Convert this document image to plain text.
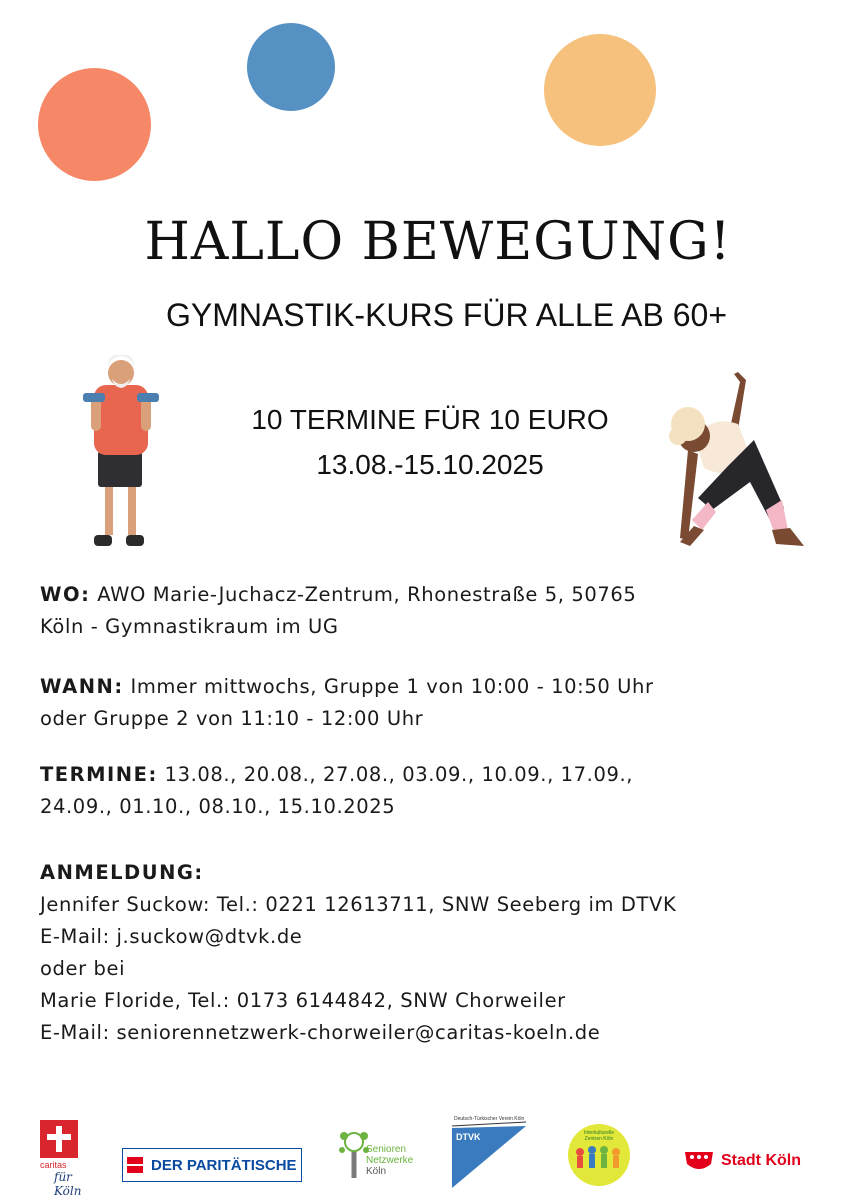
HALLO BEWEGUNG!
GYMNASTIK-KURS FÜR ALLE AB 60+
10 TERMINE FÜR 10 EURO
13.08.-15.10.2025
WO: AWO Marie-Juchacz-Zentrum, Rhonestraße 5, 50765
Köln - Gymnastikraum im UG
WANN: Immer mittwochs, Gruppe 1 von 10:00 - 10:50 Uhr
oder Gruppe 2 von 11:10 - 12:00 Uhr
TERMINE: 13.08., 20.08., 27.08., 03.09., 10.09., 17.09.,
24.09., 01.10., 08.10., 15.10.2025
ANMELDUNG:
Jennifer Suckow: Tel.: 0221 12613711, SNW Seeberg im DTVK
E-Mail: j.suckow@dtvk.de
oder bei
Marie Floride, Tel.: 0173 6144842, SNW Chorweiler
E-Mail: seniorennetzwerk-chorweiler@caritas-koeln.de
caritas
für Köln
DER PARITÄTISCHE
Senioren
Netzwerke
Köln
Deutsch-Türkischer Verein Köln
DTVK	Interkulturelle Zentren Köln
Stadt Köln
